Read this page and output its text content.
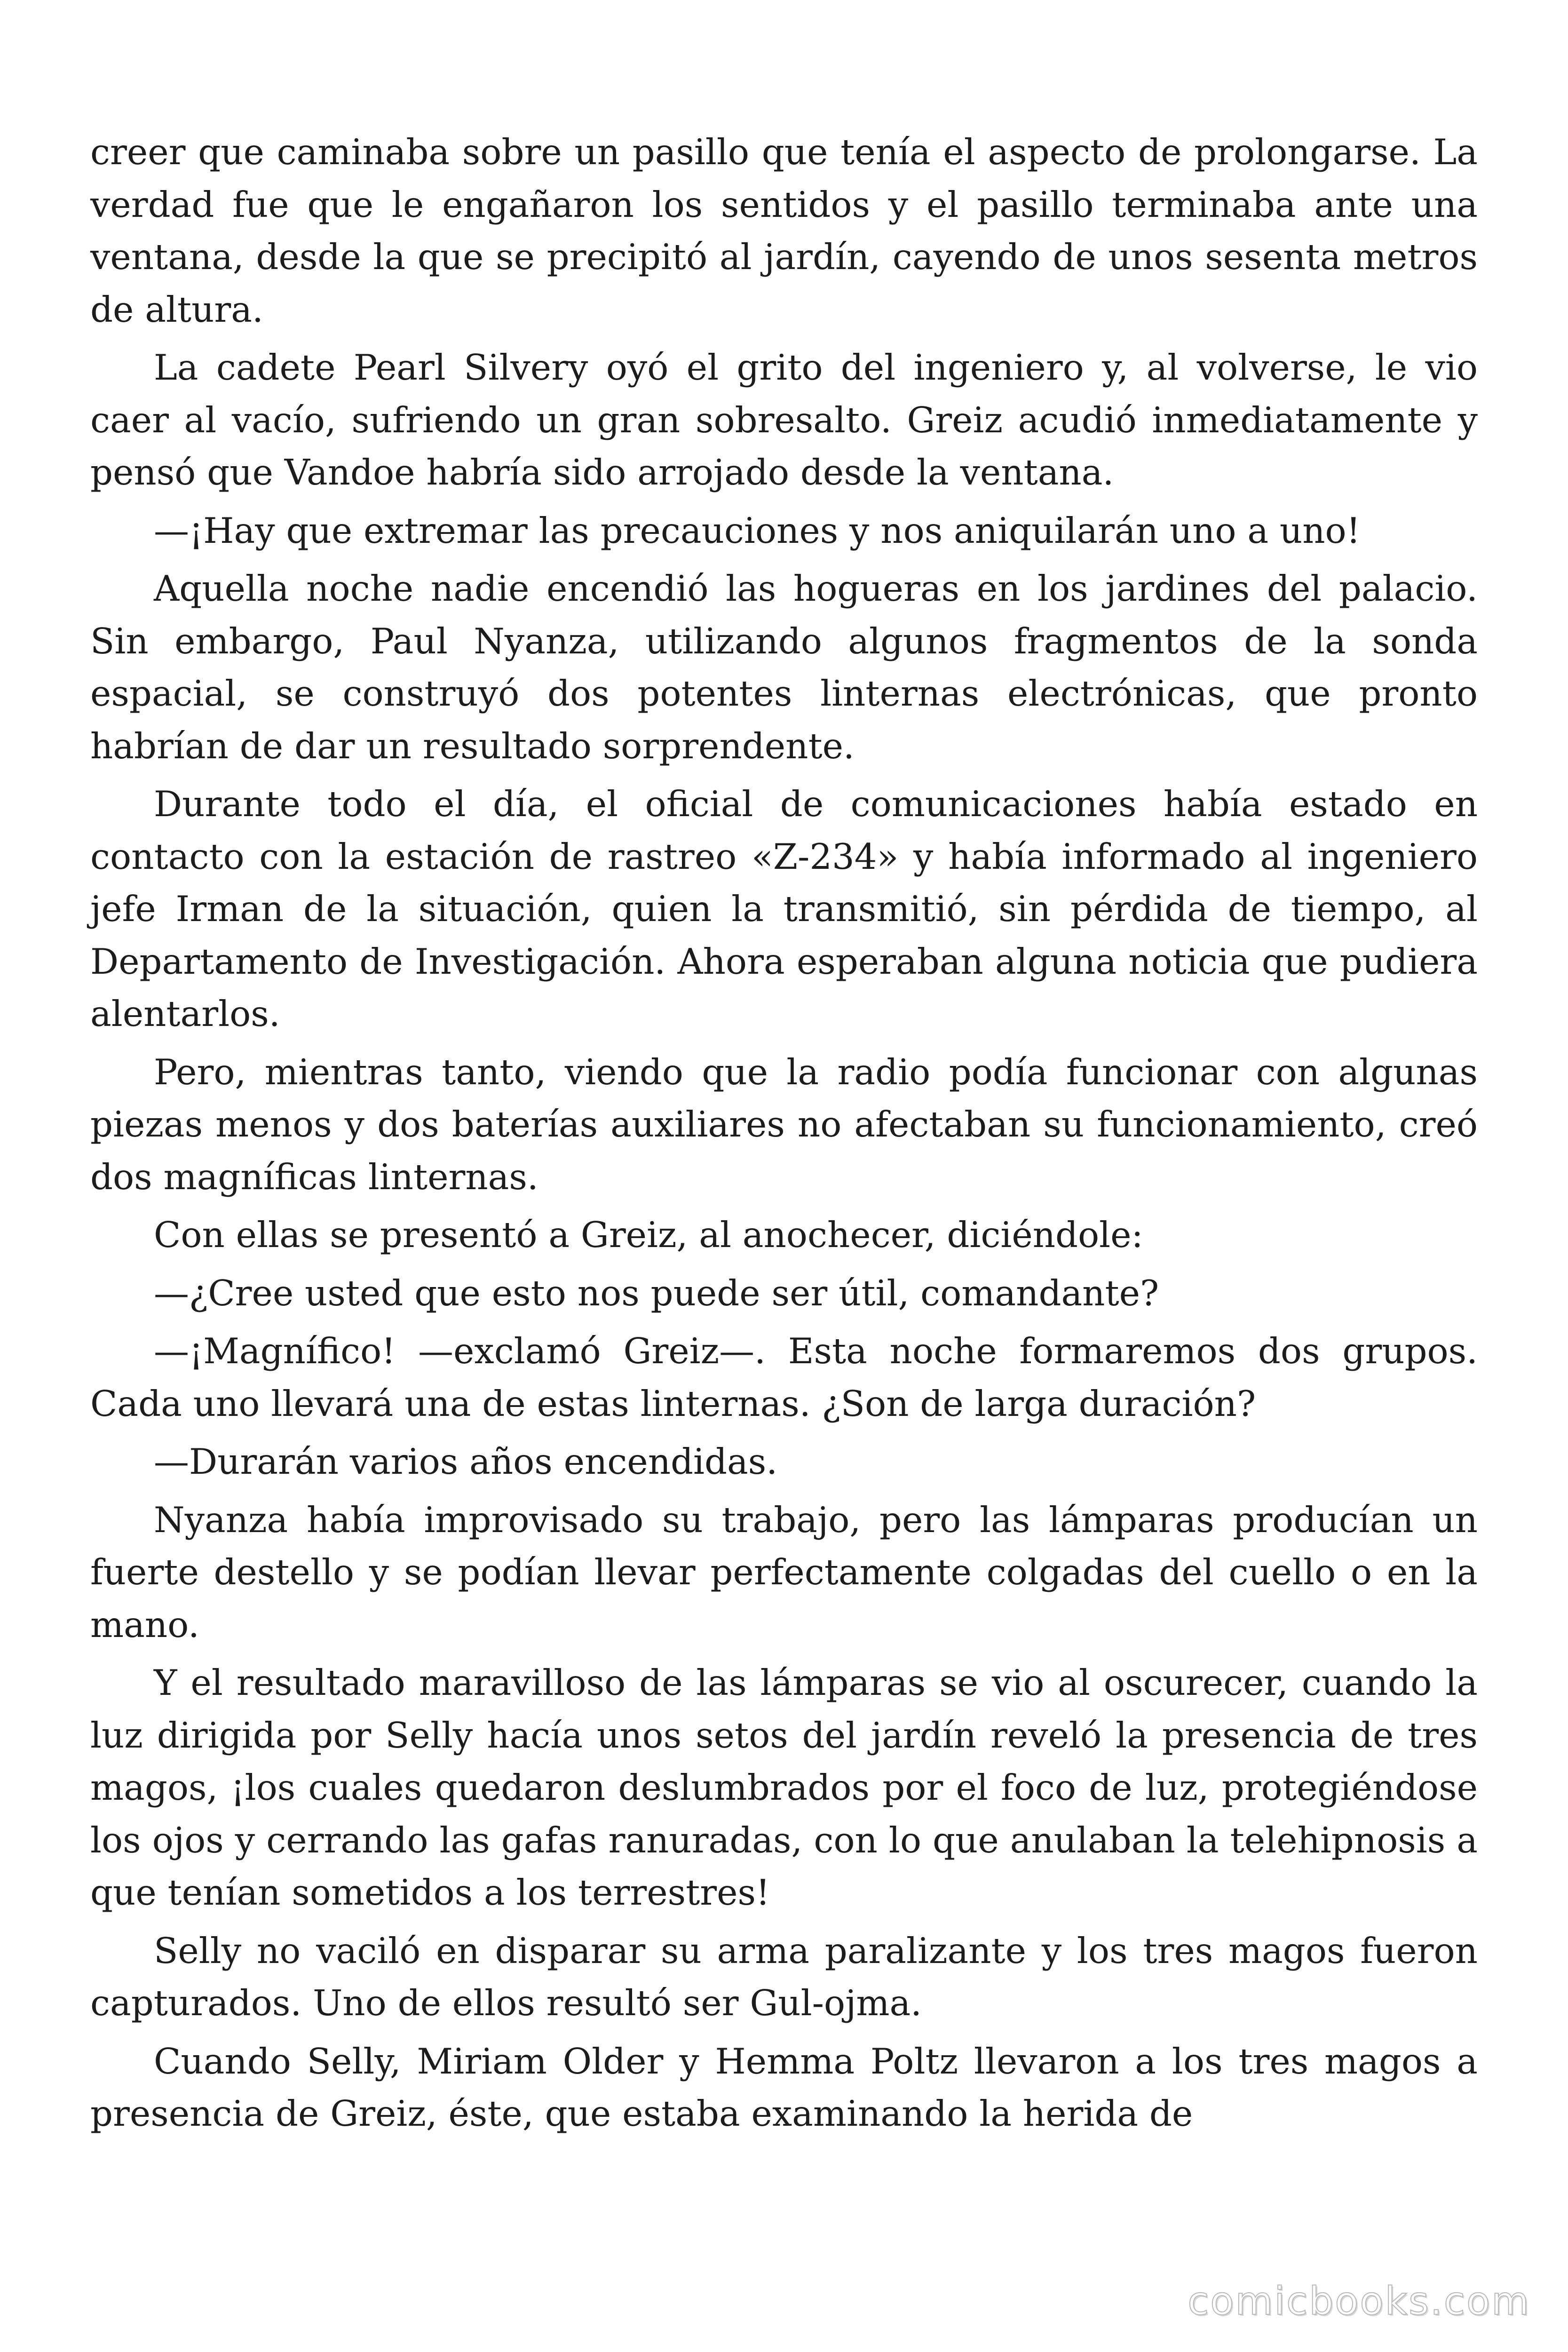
creer que caminaba sobre un pasillo que tenía el aspecto de prolongarse. La verdad fue que le engañaron los sentidos y el pasillo terminaba ante una ventana, desde la que se precipitó al jardín, cayendo de unos sesenta metros de altura.

La cadete Pearl Silvery oyó el grito del ingeniero y, al volverse, le vio caer al vacío, sufriendo un gran sobresalto. Greiz acudió inmediatamente y pensó que Vandoe habría sido arrojado desde la ventana.

—¡Hay que extremar las precauciones y nos aniquilarán uno a uno!

Aquella noche nadie encendió las hogueras en los jardines del palacio. Sin embargo, Paul Nyanza, utilizando algunos fragmentos de la sonda espacial, se construyó dos potentes linternas electrónicas, que pronto habrían de dar un resultado sorprendente.

Durante todo el día, el oficial de comunicaciones había estado en contacto con la estación de rastreo «Z-234» y había informado al ingeniero jefe Irman de la situación, quien la transmitió, sin pérdida de tiempo, al Departamento de Investigación. Ahora esperaban alguna noticia que pudiera alentarlos.

Pero, mientras tanto, viendo que la radio podía funcionar con algunas piezas menos y dos baterías auxiliares no afectaban su funcionamiento, creó dos magníficas linternas.

Con ellas se presentó a Greiz, al anochecer, diciéndole:

—¿Cree usted que esto nos puede ser útil, comandante?

—¡Magnífico! —exclamó Greiz—. Esta noche formaremos dos grupos. Cada uno llevará una de estas linternas. ¿Son de larga duración?

—Durarán varios años encendidas.

Nyanza había improvisado su trabajo, pero las lámparas producían un fuerte destello y se podían llevar perfectamente colgadas del cuello o en la mano.

Y el resultado maravilloso de las lámparas se vio al oscurecer, cuando la luz dirigida por Selly hacía unos setos del jardín reveló la presencia de tres magos, ¡los cuales quedaron deslumbrados por el foco de luz, protegiéndose los ojos y cerrando las gafas ranuradas, con lo que anulaban la telehipnosis a que tenían sometidos a los terrestres!

Selly no vaciló en disparar su arma paralizante y los tres magos fueron capturados. Uno de ellos resultó ser Gul-ojma.

Cuando Selly, Miriam Older y Hemma Poltz llevaron a los tres magos a presencia de Greiz, éste, que estaba examinando la herida de

comicbooks.com
